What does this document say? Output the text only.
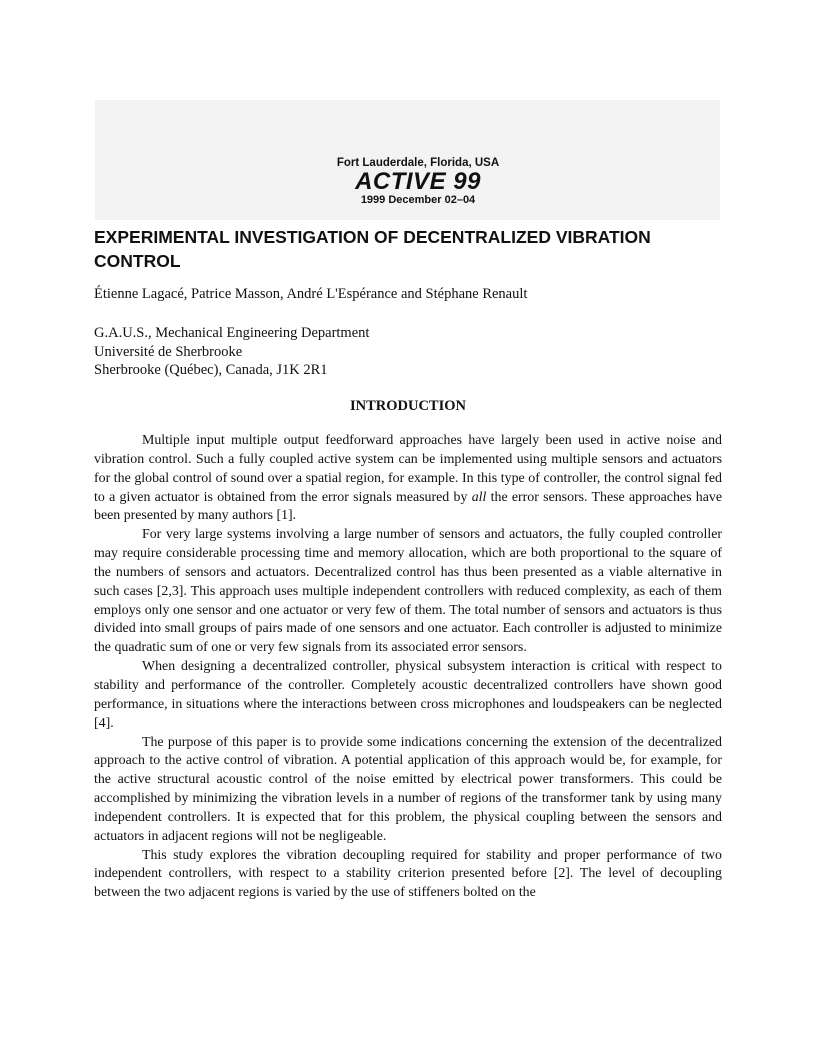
Fort Lauderdale, Florida, USA
ACTIVE 99
1999 December 02–04
EXPERIMENTAL INVESTIGATION OF DECENTRALIZED VIBRATION CONTROL

Étienne Lagacé, Patrice Masson, André L'Espérance and Stéphane Renault

G.A.U.S., Mechanical Engineering Department
Université de Sherbrooke
Sherbrooke (Québec), Canada, J1K 2R1
INTRODUCTION

Multiple input multiple output feedforward approaches have largely been used in active noise and vibration control. Such a fully coupled active system can be implemented using multiple sensors and actuators for the global control of sound over a spatial region, for example. In this type of controller, the control signal fed to a given actuator is obtained from the error signals measured by all the error sensors. These approaches have been presented by many authors [1].

For very large systems involving a large number of sensors and actuators, the fully coupled controller may require considerable processing time and memory allocation, which are both proportional to the square of the numbers of sensors and actuators. Decentralized control has thus been presented as a viable alternative in such cases [2,3]. This approach uses multiple independent controllers with reduced complexity, as each of them employs only one sensor and one actuator or very few of them. The total number of sensors and actuators is thus divided into small groups of pairs made of one sensors and one actuator. Each controller is adjusted to minimize the quadratic sum of one or very few signals from its associated error sensors.

When designing a decentralized controller, physical subsystem interaction is critical with respect to stability and performance of the controller. Completely acoustic decentralized controllers have shown good performance, in situations where the interactions between cross microphones and loudspeakers can be neglected [4].

The purpose of this paper is to provide some indications concerning the extension of the decentralized approach to the active control of vibration. A potential application of this approach would be, for example, for the active structural acoustic control of the noise emitted by electrical power transformers. This could be accomplished by minimizing the vibration levels in a number of regions of the transformer tank by using many independent controllers. It is expected that for this problem, the physical coupling between the sensors and actuators in adjacent regions will not be negligeable.

This study explores the vibration decoupling required for stability and proper performance of two independent controllers, with respect to a stability criterion presented before [2]. The level of decoupling between the two adjacent regions is varied by the use of stiffeners bolted on the
